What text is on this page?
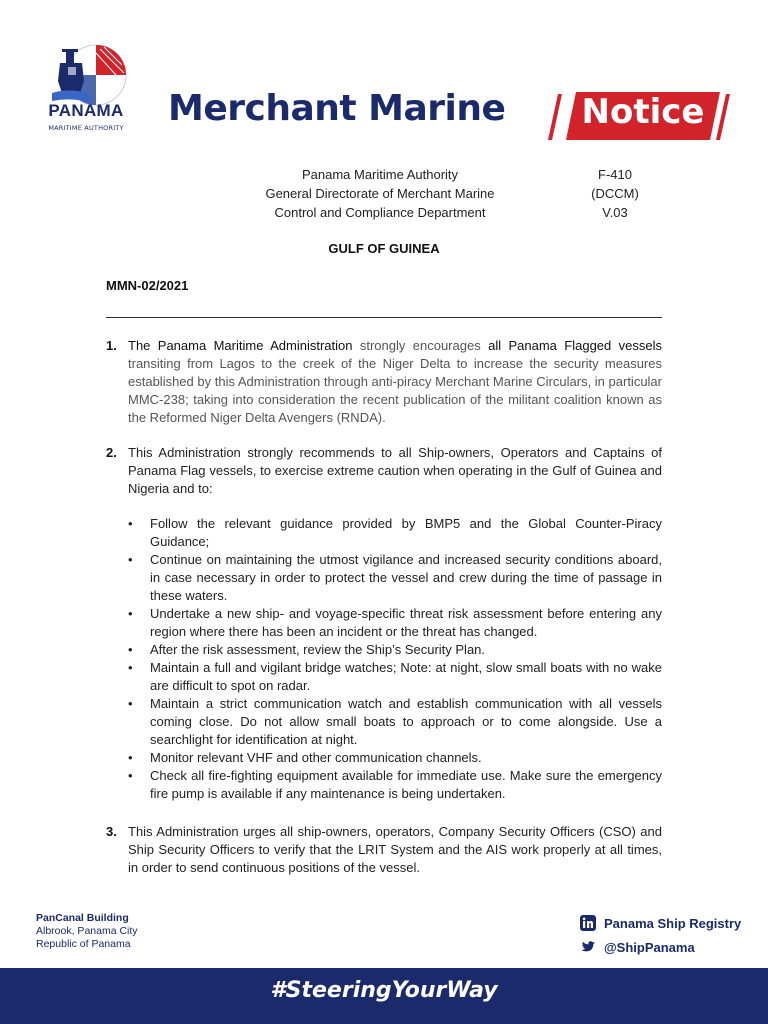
PANAMA
MARITIME AUTHORITY Merchant Marine	Notice
Panama Maritime Authority
General Directorate of Merchant Marine
Control and Compliance Department
F-410
(DCCM)
V.03
GULF OF GUINEA
MMN-02/2021
1. The Panama Maritime Administration strongly encourages all Panama Flagged vessels transiting from Lagos to the creek of the Niger Delta to increase the security measures established by this Administration through anti-piracy Merchant Marine Circulars, in particular MMC-238; taking into consideration the recent publication of the militant coalition known as the Reformed Niger Delta Avengers (RNDA).
2. This Administration strongly recommends to all Ship-owners, Operators and Captains of Panama Flag vessels, to exercise extreme caution when operating in the Gulf of Guinea and Nigeria and to:
• Follow the relevant guidance provided by BMP5 and the Global Counter-Piracy Guidance;
• Continue on maintaining the utmost vigilance and increased security conditions aboard, in case necessary in order to protect the vessel and crew during the time of passage in these waters.
• Undertake a new ship- and voyage-specific threat risk assessment before entering any region where there has been an incident or the threat has changed.
• After the risk assessment, review the Ship’s Security Plan.
• Maintain a full and vigilant bridge watches; Note: at night, slow small boats with no wake are difficult to spot on radar.
• Maintain a strict communication watch and establish communication with all vessels coming close. Do not allow small boats to approach or to come alongside. Use a searchlight for identification at night.
• Monitor relevant VHF and other communication channels.
• Check all fire-fighting equipment available for immediate use. Make sure the emergency fire pump is available if any maintenance is being undertaken.
3. This Administration urges all ship-owners, operators, Company Security Officers (CSO) and Ship Security Officers to verify that the LRIT System and the AIS work properly at all times, in order to send continuous positions of the vessel.
PanCanal Building
Albrook, Panama City
Republic of Panama
Panama Ship Registry
@ShipPanama
#SteeringYourWay
